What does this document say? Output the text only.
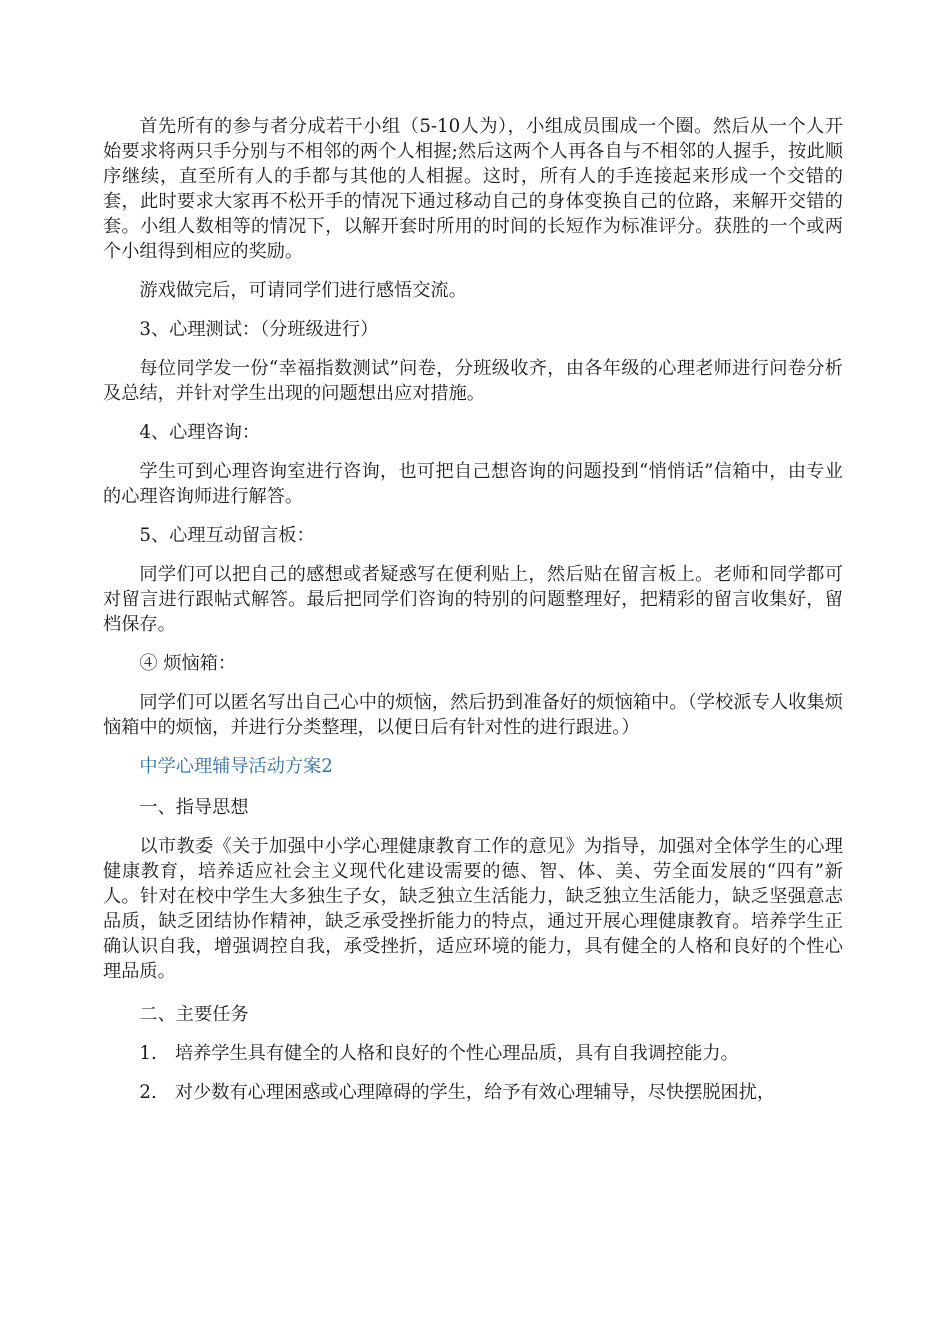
首先所有的参与者分成若干小组（5-10人为），小组成员围成一个圈。然后从一个人开始要求将两只手分别与不相邻的两个人相握;然后这两个人再各自与不相邻的人握手，按此顺序继续，直至所有人的手都与其他的人相握。这时，所有人的手连接起来形成一个交错的套，此时要求大家再不松开手的情况下通过移动自己的身体变换自己的位路，来解开交错的套。小组人数相等的情况下，以解开套时所用的时间的长短作为标准评分。获胜的一个或两个小组得到相应的奖励。

游戏做完后，可请同学们进行感悟交流。

3、心理测试：（分班级进行）

每位同学发一份“幸福指数测试”问卷，分班级收齐，由各年级的心理老师进行问卷分析及总结，并针对学生出现的问题想出应对措施。

4、心理咨询：

学生可到心理咨询室进行咨询，也可把自己想咨询的问题投到“悄悄话”信箱中，由专业的心理咨询师进行解答。

5、心理互动留言板：

同学们可以把自己的感想或者疑惑写在便利贴上，然后贴在留言板上。老师和同学都可对留言进行跟帖式解答。最后把同学们咨询的特别的问题整理好，把精彩的留言收集好，留档保存。

④ 烦恼箱：

同学们可以匿名写出自己心中的烦恼，然后扔到准备好的烦恼箱中。（学校派专人收集烦恼箱中的烦恼，并进行分类整理，以便日后有针对性的进行跟进。）

中学心理辅导活动方案2

一、指导思想

以市教委《关于加强中小学心理健康教育工作的意见》为指导，加强对全体学生的心理健康教育，培养适应社会主义现代化建设需要的德、智、体、美、劳全面发展的“四有”新人。针对在校中学生大多独生子女，缺乏独立生活能力，缺乏独立生活能力，缺乏坚强意志品质，缺乏团结协作精神，缺乏承受挫折能力的特点，通过开展心理健康教育。培养学生正确认识自我，增强调控自我，承受挫折，适应环境的能力，具有健全的人格和良好的个性心理品质。

二、主要任务

1.　培养学生具有健全的人格和良好的个性心理品质，具有自我调控能力。

2.　对少数有心理困惑或心理障碍的学生，给予有效心理辅导，尽快摆脱困扰，
